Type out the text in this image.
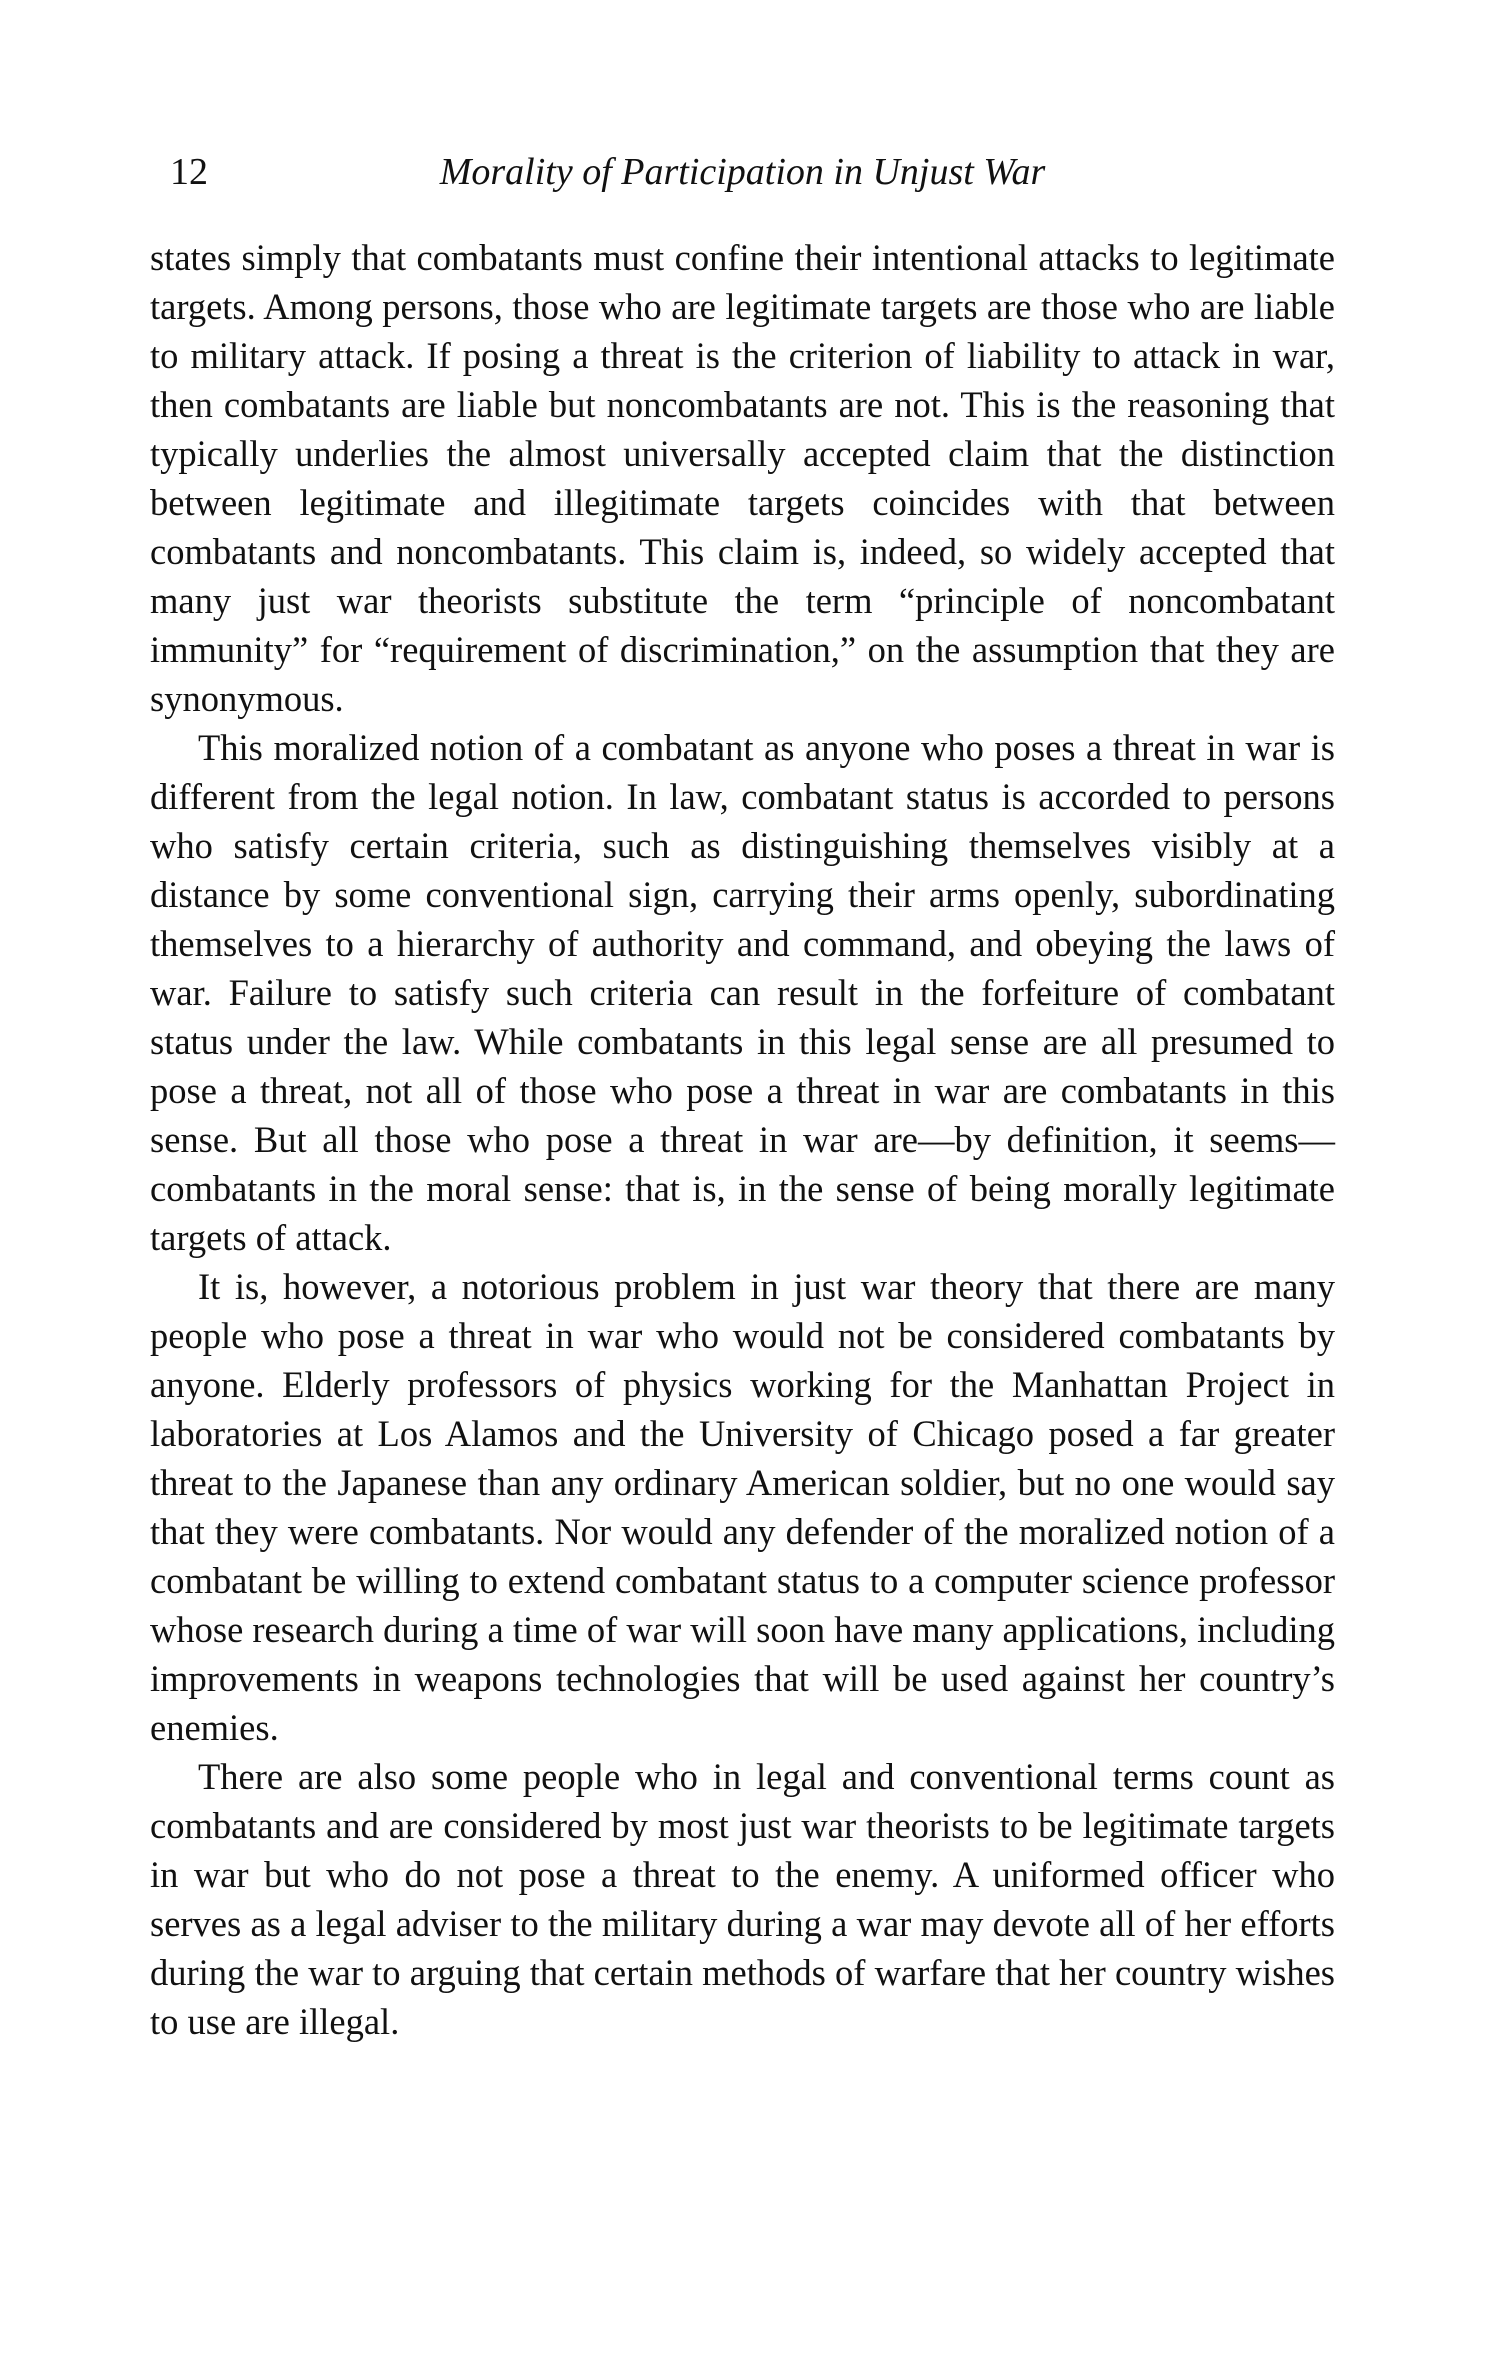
12	Morality of Participation in Unjust War

states simply that combatants must confine their intentional attacks to legitimate targets. Among persons, those who are legitimate targets are those who are liable to military attack. If posing a threat is the criterion of liability to attack in war, then combatants are liable but noncombatants are not. This is the reasoning that typically underlies the almost universally accepted claim that the distinction between legitimate and illegitimate targets coincides with that between combatants and noncombatants. This claim is, indeed, so widely accepted that many just war theorists substitute the term “principle of noncombatant immunity” for “requirement of discrimination,” on the assumption that they are synonymous.

This moralized notion of a combatant as anyone who poses a threat in war is different from the legal notion. In law, combatant status is accorded to persons who satisfy certain criteria, such as distinguishing themselves visibly at a distance by some conventional sign, carrying their arms openly, subordinating themselves to a hierarchy of authority and command, and obeying the laws of war. Failure to satisfy such criteria can result in the forfeiture of combatant status under the law. While combatants in this legal sense are all presumed to pose a threat, not all of those who pose a threat in war are combatants in this sense. But all those who pose a threat in war are—by definition, it seems—combatants in the moral sense: that is, in the sense of being morally legitimate targets of attack.

It is, however, a notorious problem in just war theory that there are many people who pose a threat in war who would not be considered combatants by anyone. Elderly professors of physics working for the Manhattan Project in laboratories at Los Alamos and the University of Chicago posed a far greater threat to the Japanese than any ordinary American soldier, but no one would say that they were combatants. Nor would any defender of the moralized notion of a combatant be willing to extend combatant status to a computer science professor whose research during a time of war will soon have many applications, including improvements in weapons technologies that will be used against her country’s enemies.

There are also some people who in legal and conventional terms count as combatants and are considered by most just war theorists to be legitimate targets in war but who do not pose a threat to the enemy. A uniformed officer who serves as a legal adviser to the military during a war may devote all of her efforts during the war to arguing that certain methods of warfare that her country wishes to use are illegal.
